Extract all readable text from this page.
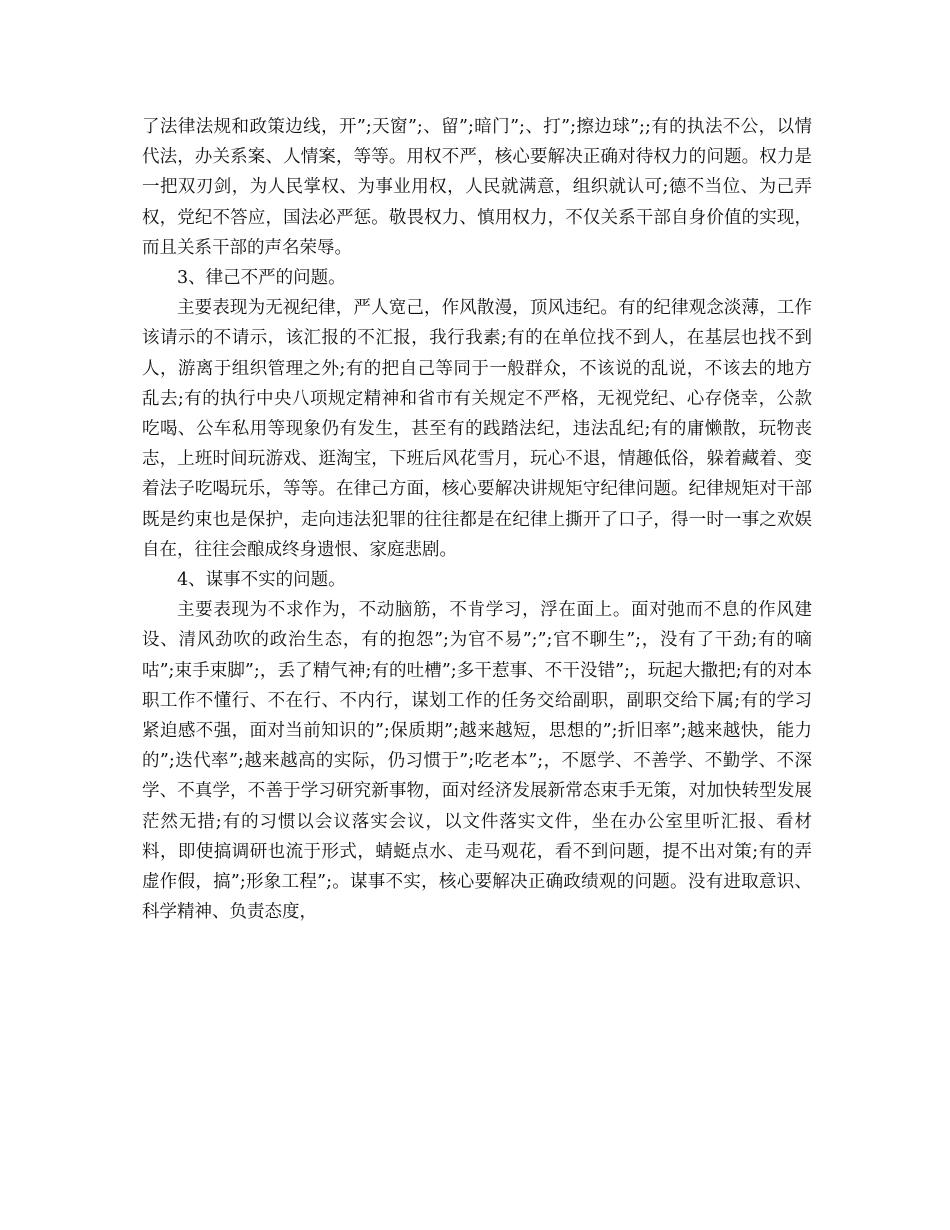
了法律法规和政策边线，开”;天窗”;、留”;暗门”;、打”;擦边球”;;有的执法不公，以情代法，办关系案、人情案，等等。用权不严，核心要解决正确对待权力的问题。权力是一把双刃剑，为人民掌权、为事业用权，人民就满意，组织就认可;德不当位、为己弄权，党纪不答应，国法必严惩。敬畏权力、慎用权力，不仅关系干部自身价值的实现，而且关系干部的声名荣辱。

3、律己不严的问题。

主要表现为无视纪律，严人宽己，作风散漫，顶风违纪。有的纪律观念淡薄，工作该请示的不请示，该汇报的不汇报，我行我素;有的在单位找不到人，在基层也找不到人，游离于组织管理之外;有的把自己等同于一般群众，不该说的乱说，不该去的地方乱去;有的执行中央八项规定精神和省市有关规定不严格，无视党纪、心存侥幸，公款吃喝、公车私用等现象仍有发生，甚至有的践踏法纪，违法乱纪;有的庸懒散，玩物丧志，上班时间玩游戏、逛淘宝，下班后风花雪月，玩心不退，情趣低俗，躲着藏着、变着法子吃喝玩乐，等等。在律己方面，核心要解决讲规矩守纪律问题。纪律规矩对干部既是约束也是保护，走向违法犯罪的往往都是在纪律上撕开了口子，得一时一事之欢娱自在，往往会酿成终身遗恨、家庭悲剧。

4、谋事不实的问题。

主要表现为不求作为，不动脑筋，不肯学习，浮在面上。面对弛而不息的作风建设、清风劲吹的政治生态，有的抱怨”;为官不易”;”;官不聊生”;，没有了干劲;有的嘀咕”;束手束脚”;，丢了精气神;有的吐槽”;多干惹事、不干没错”;，玩起大撒把;有的对本职工作不懂行、不在行、不内行，谋划工作的任务交给副职，副职交给下属;有的学习紧迫感不强，面对当前知识的”;保质期”;越来越短，思想的”;折旧率”;越来越快，能力的”;迭代率”;越来越高的实际，仍习惯于”;吃老本”;，不愿学、不善学、不勤学、不深学、不真学，不善于学习研究新事物，面对经济发展新常态束手无策，对加快转型发展茫然无措;有的习惯以会议落实会议，以文件落实文件，坐在办公室里听汇报、看材料，即使搞调研也流于形式，蜻蜓点水、走马观花，看不到问题，提不出对策;有的弄虚作假，搞”;形象工程”;。谋事不实，核心要解决正确政绩观的问题。没有进取意识、科学精神、负责态度，
